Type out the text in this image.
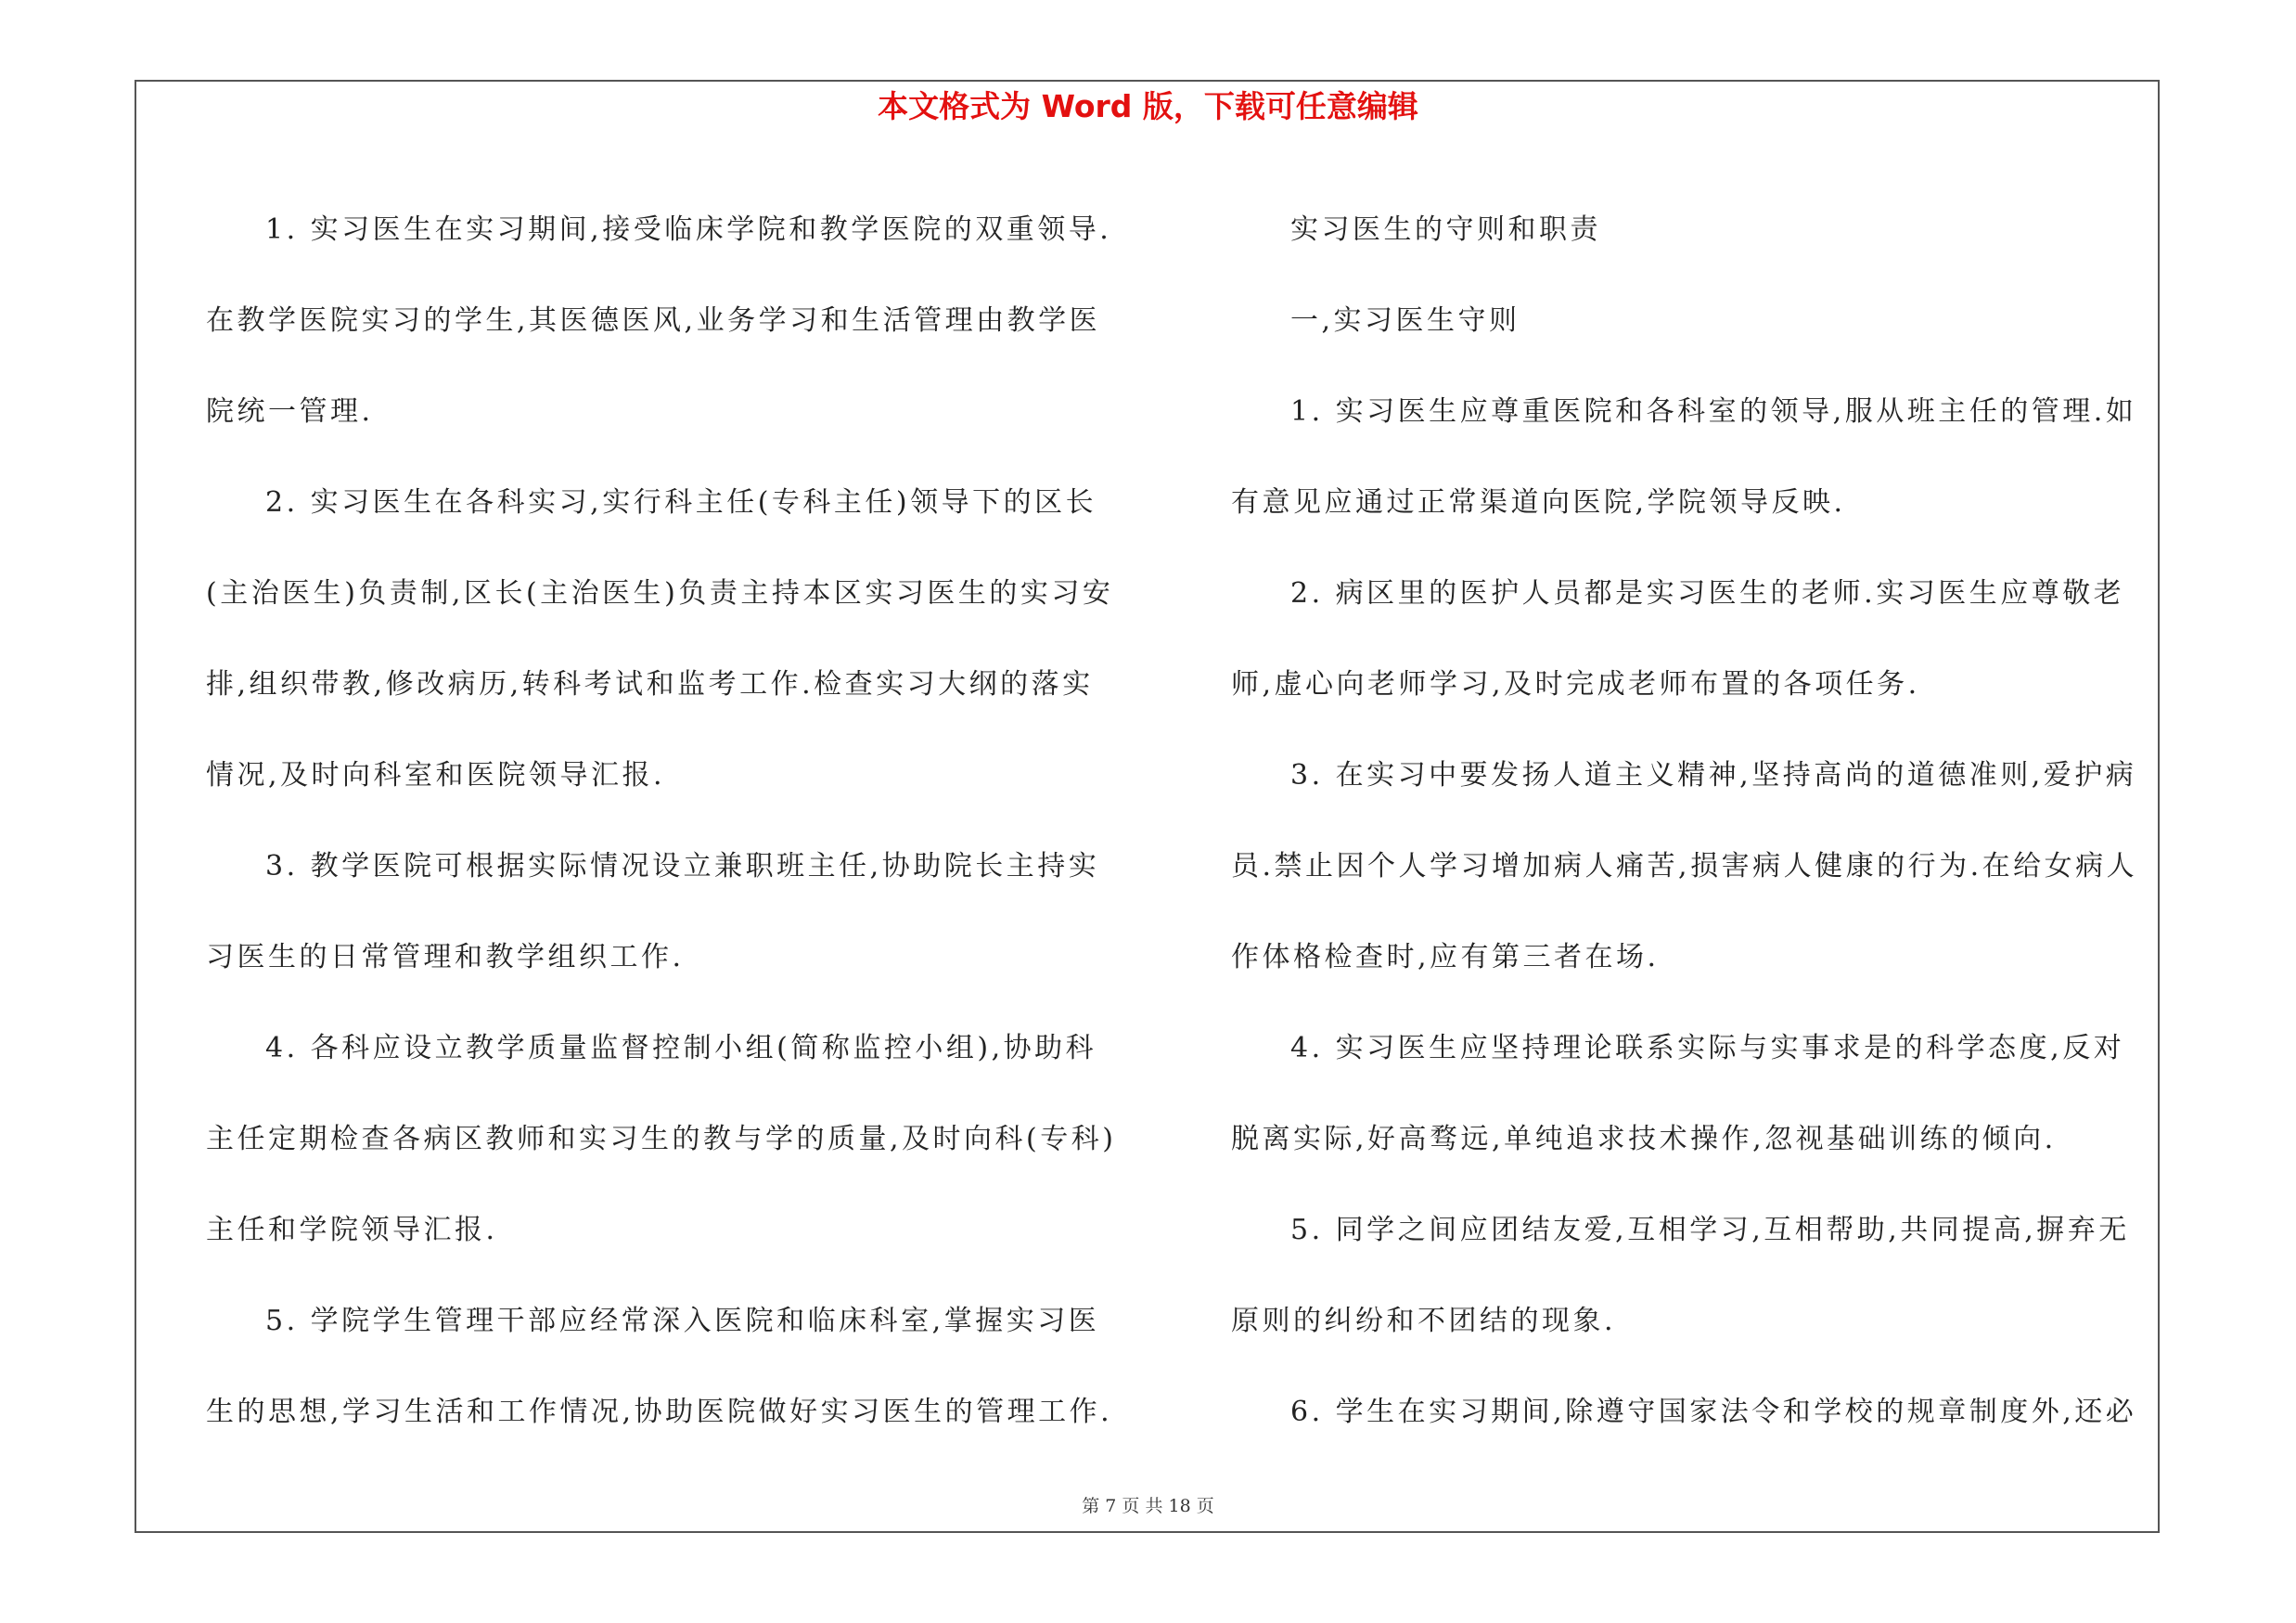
本文格式为 Word 版，下载可任意编辑
1. 实习医生在实习期间,接受临床学院和教学医院的双重领导.
在教学医院实习的学生,其医德医风,业务学习和生活管理由教学医
院统一管理.
2. 实习医生在各科实习,实行科主任(专科主任)领导下的区长
(主治医生)负责制,区长(主治医生)负责主持本区实习医生的实习安
排,组织带教,修改病历,转科考试和监考工作.检查实习大纲的落实
情况,及时向科室和医院领导汇报.
3. 教学医院可根据实际情况设立兼职班主任,协助院长主持实
习医生的日常管理和教学组织工作.
4. 各科应设立教学质量监督控制小组(简称监控小组),协助科
主任定期检查各病区教师和实习生的教与学的质量,及时向科(专科)
主任和学院领导汇报.
5. 学院学生管理干部应经常深入医院和临床科室,掌握实习医
生的思想,学习生活和工作情况,协助医院做好实习医生的管理工作.
实习医生的守则和职责
一,实习医生守则
1. 实习医生应尊重医院和各科室的领导,服从班主任的管理.如
有意见应通过正常渠道向医院,学院领导反映.
2. 病区里的医护人员都是实习医生的老师.实习医生应尊敬老
师,虚心向老师学习,及时完成老师布置的各项任务.
3. 在实习中要发扬人道主义精神,坚持高尚的道德准则,爱护病
员.禁止因个人学习增加病人痛苦,损害病人健康的行为.在给女病人
作体格检查时,应有第三者在场.
4. 实习医生应坚持理论联系实际与实事求是的科学态度,反对
脱离实际,好高骛远,单纯追求技术操作,忽视基础训练的倾向.
5. 同学之间应团结友爱,互相学习,互相帮助,共同提高,摒弃无
原则的纠纷和不团结的现象.
6. 学生在实习期间,除遵守国家法令和学校的规章制度外,还必
第 7 页 共 18 页
